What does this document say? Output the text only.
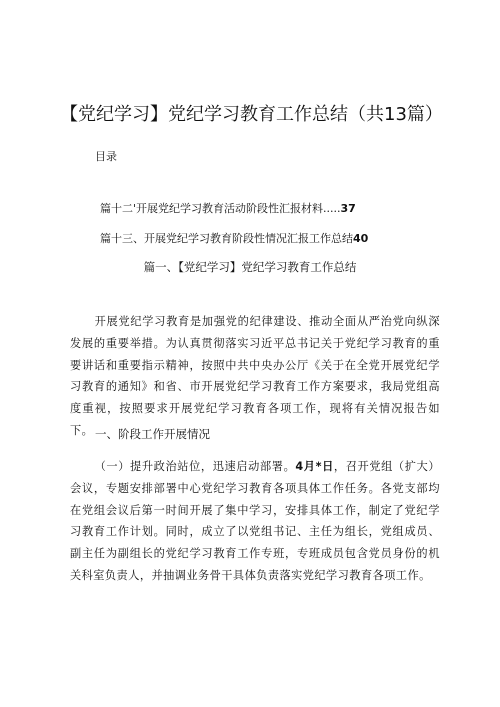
【党纪学习】党纪学习教育工作总结（共13篇）

目录

篇十二'开展党纪学习教育活动阶段性汇报材料.....37
篇十三、开展党纪学习教育阶段性情况汇报工作总结40
篇一、【党纪学习】党纪学习教育工作总结

开展党纪学习教育是加强党的纪律建设、推动全面从严治党向纵深发展的重要举措。为认真贯彻落实习近平总书记关于党纪学习教育的重要讲话和重要指示精神，按照中共中央办公厅《关于在全党开展党纪学习教育的通知》和省、市开展党纪学习教育工作方案要求，我局党组高度重视，按照要求开展党纪学习教育各项工作，现将有关情况报告如下。 一、阶段工作开展情况

（一）提升政治站位，迅速启动部署。4月*日，召开党组（扩大）会议，专题安排部署中心党纪学习教育各项具体工作任务。各党支部均在党组会议后第一时间开展了集中学习，安排具体工作，制定了党纪学习教育工作计划。同时，成立了以党组书记、主任为组长，党组成员、副主任为副组长的党纪学习教育工作专班，专班成员包含党员身份的机关科室负责人，并抽调业务骨干具体负责落实党纪学习教育各项工作。
